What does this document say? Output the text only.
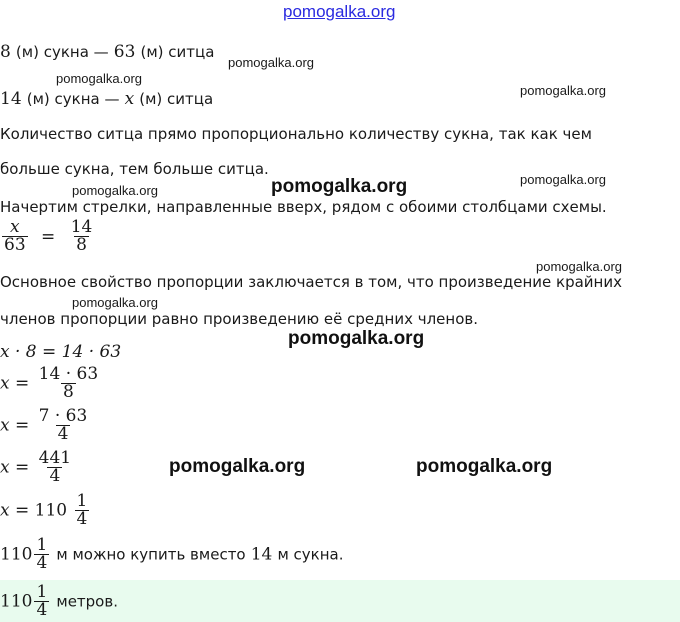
pomogalka.org
8 (м) сукна — 63 (м) ситца
14 (м) сукна — x (м) ситца
Количество ситца прямо пропорционально количеству сукна, так как чем
больше сукна, тем больше ситца.
Начертим стрелки, направленные вверх, рядом с обоими столбцами схемы.
$\frac{x}{63} = \frac{14}{8}$
Основное свойство пропорции заключается в том, что произведение крайних
членов пропорции равно произведению её средних членов.
x · 8 = 14 · 63
$x = \frac{14 \cdot 63}{8}$
$x = \frac{7 \cdot 63}{4}$
$x = \frac{441}{4}$
$x = 110 \frac{1}{4}$
$110 \frac{1}{4}$ м можно купить вместо 14 м сукна.
$110 \frac{1}{4}$ метров.
pomogalka.org
pomogalka.org
pomogalka.org
pomogalka.org
pomogalka.org
pomogalka.org
pomogalka.org
pomogalka.org
pomogalka.org
pomogalka.org	pomogalka.org
